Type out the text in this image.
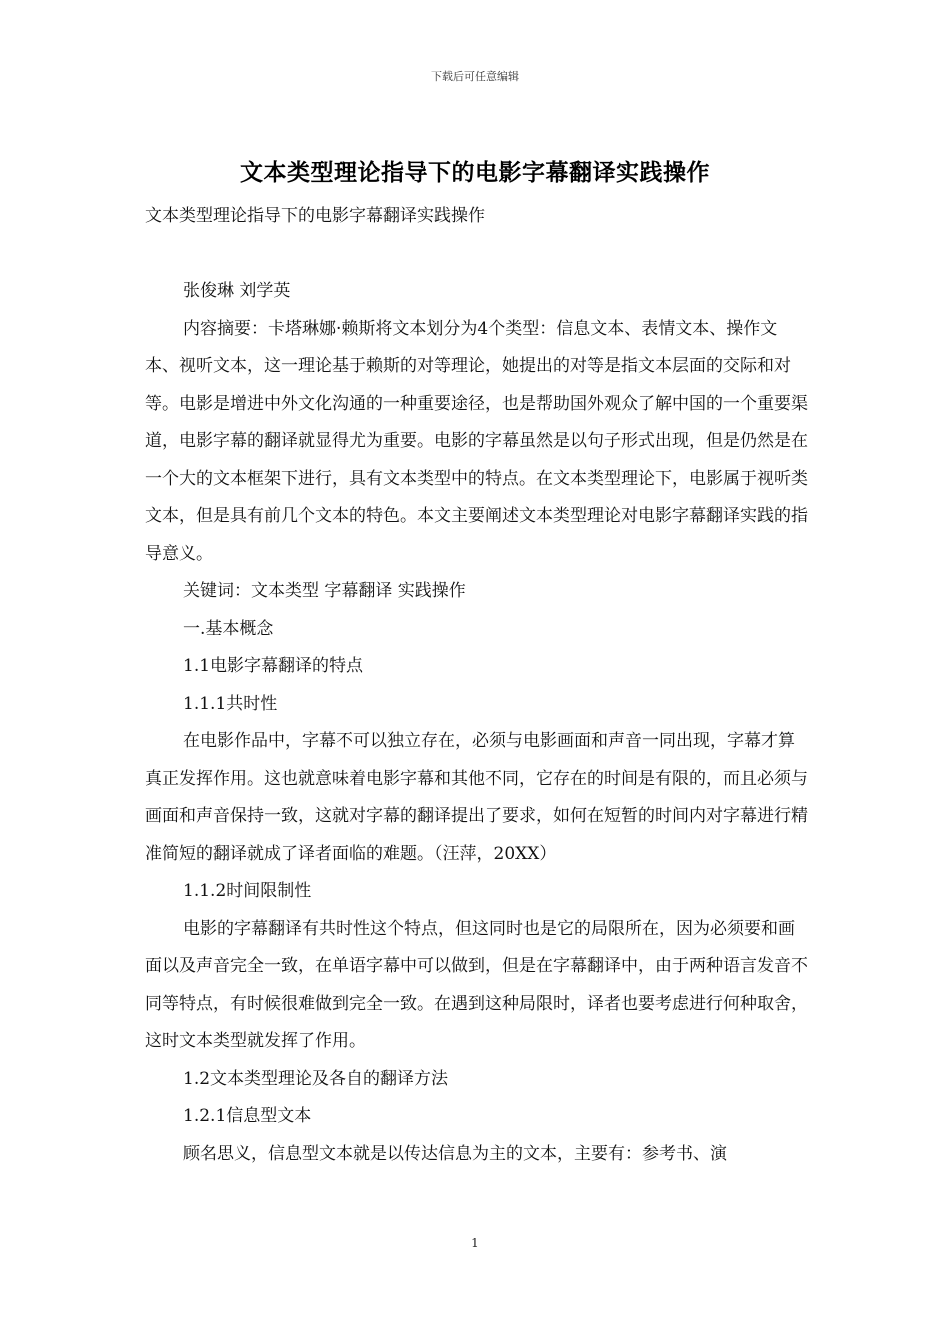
下载后可任意编辑
文本类型理论指导下的电影字幕翻译实践操作

文本类型理论指导下的电影字幕翻译实践操作

张俊琳 刘学英

内容摘要：卡塔琳娜·赖斯将文本划分为4个类型：信息文本、表情文本、操作文本、视听文本，这一理论基于赖斯的对等理论，她提出的对等是指文本层面的交际和对等。电影是增进中外文化沟通的一种重要途径，也是帮助国外观众了解中国的一个重要渠道，电影字幕的翻译就显得尤为重要。电影的字幕虽然是以句子形式出现，但是仍然是在一个大的文本框架下进行，具有文本类型中的特点。在文本类型理论下，电影属于视听类文本，但是具有前几个文本的特色。本文主要阐述文本类型理论对电影字幕翻译实践的指导意义。

关键词：文本类型 字幕翻译 实践操作

一.基本概念

1.1电影字幕翻译的特点

1.1.1共时性

在电影作品中，字幕不可以独立存在，必须与电影画面和声音一同出现，字幕才算真正发挥作用。这也就意味着电影字幕和其他不同，它存在的时间是有限的，而且必须与画面和声音保持一致，这就对字幕的翻译提出了要求，如何在短暂的时间内对字幕进行精准简短的翻译就成了译者面临的难题。（汪萍，20XX）

1.1.2时间限制性

电影的字幕翻译有共时性这个特点，但这同时也是它的局限所在，因为必须要和画面以及声音完全一致，在单语字幕中可以做到，但是在字幕翻译中，由于两种语言发音不同等特点，有时候很难做到完全一致。在遇到这种局限时，译者也要考虑进行何种取舍，这时文本类型就发挥了作用。

1.2文本类型理论及各自的翻译方法

1.2.1信息型文本

顾名思义，信息型文本就是以传达信息为主的文本，主要有：参考书、演

1
